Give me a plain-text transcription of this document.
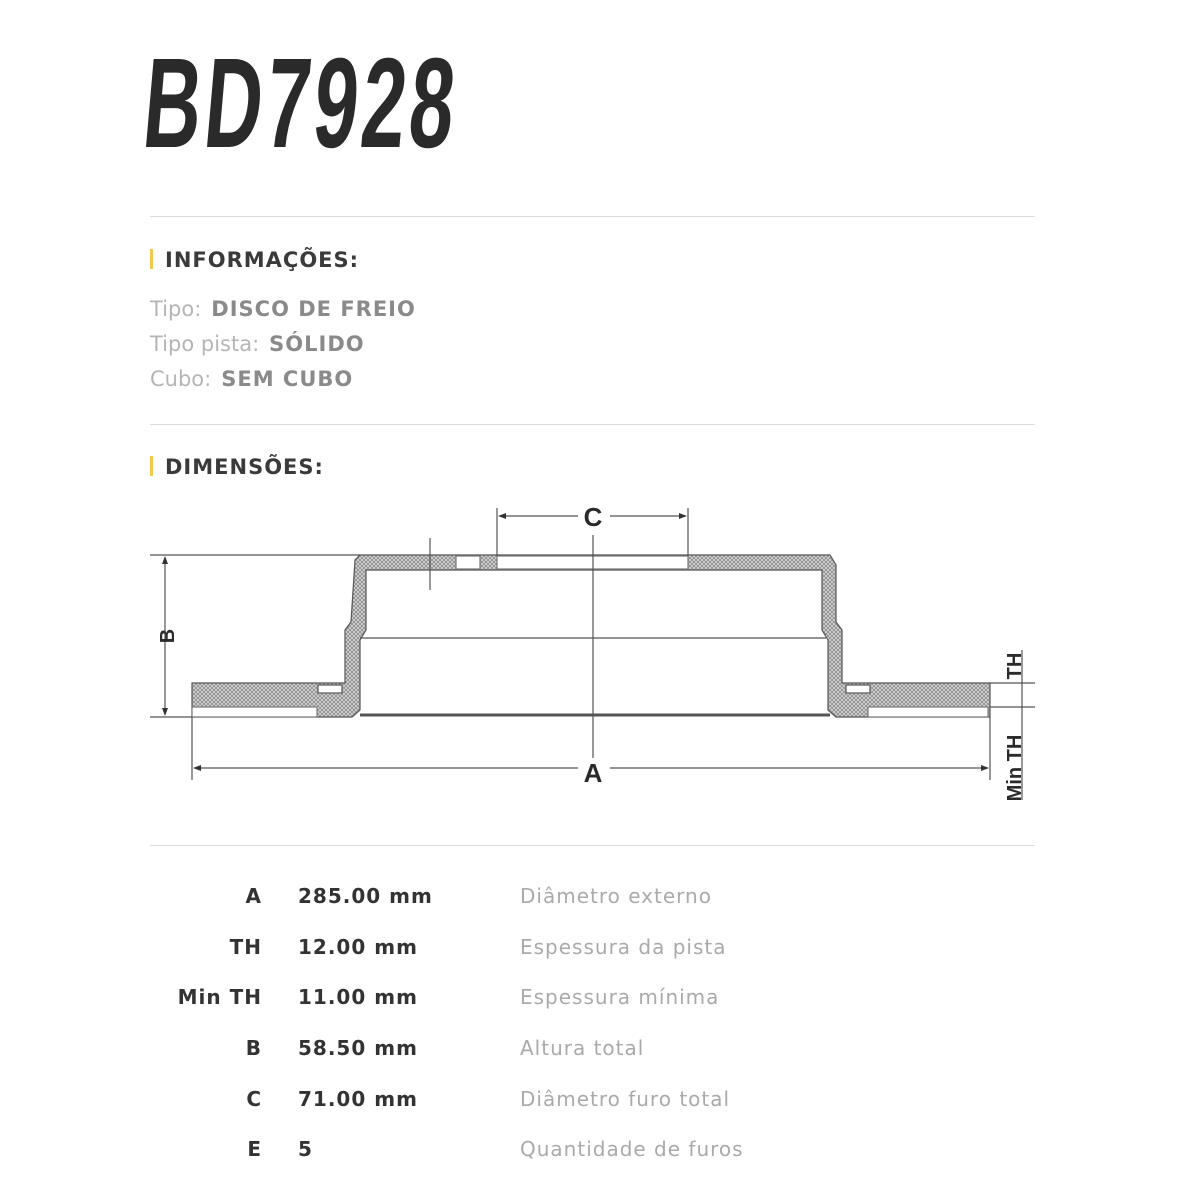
BD7928
INFORMAÇÕES:
Tipo: DISCO DE FREIO
Tipo pista: SÓLIDO
Cubo: SEM CUBO
DIMENSÕES:
C
A
B
TH
Min TH
A 285.00 mm	Diâmetro externo
TH 12.00 mm	Espessura da pista
Min TH 11.00 mm	Espessura mínima
B 58.50 mm	Altura total
C 71.00 mm	Diâmetro furo total
E 5	Quantidade de furos
